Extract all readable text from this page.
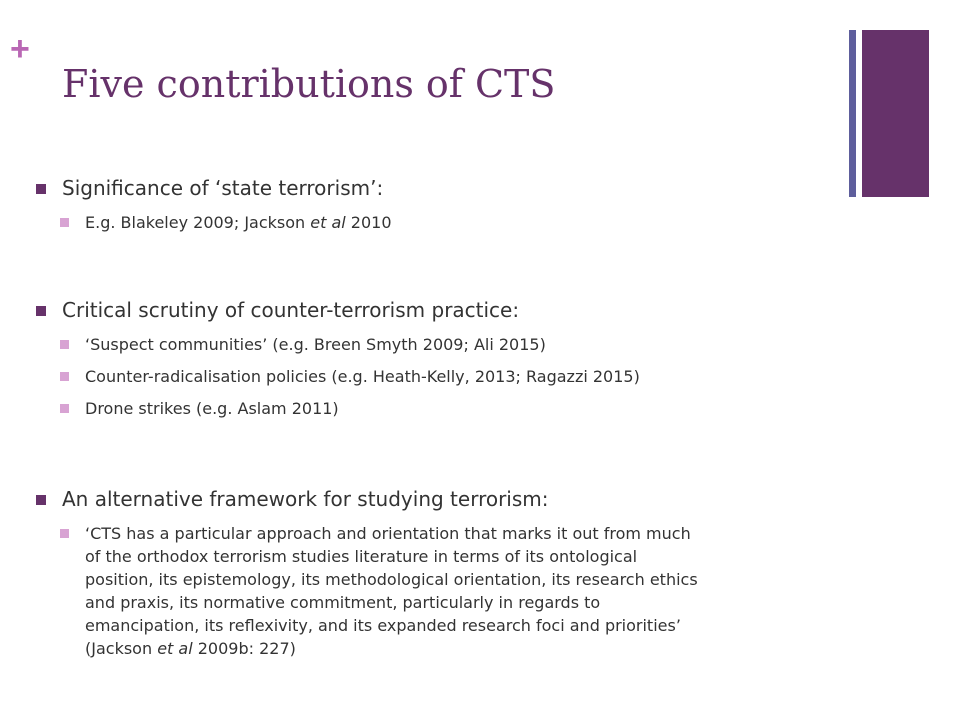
+
Five contributions of CTS
Significance of ‘state terrorism’:
E.g. Blakeley 2009; Jackson et al 2010
Critical scrutiny of counter-terrorism practice:
‘Suspect communities’ (e.g. Breen Smyth 2009; Ali 2015)
Counter-radicalisation policies (e.g. Heath-Kelly, 2013; Ragazzi 2015)
Drone strikes (e.g. Aslam 2011)
An alternative framework for studying terrorism:
‘CTS has a particular approach and orientation that marks it out from much
of the orthodox terrorism studies literature in terms of its ontological
position, its epistemology, its methodological orientation, its research ethics
and praxis, its normative commitment, particularly in regards to
emancipation, its reflexivity, and its expanded research foci and priorities’
(Jackson et al 2009b: 227)
